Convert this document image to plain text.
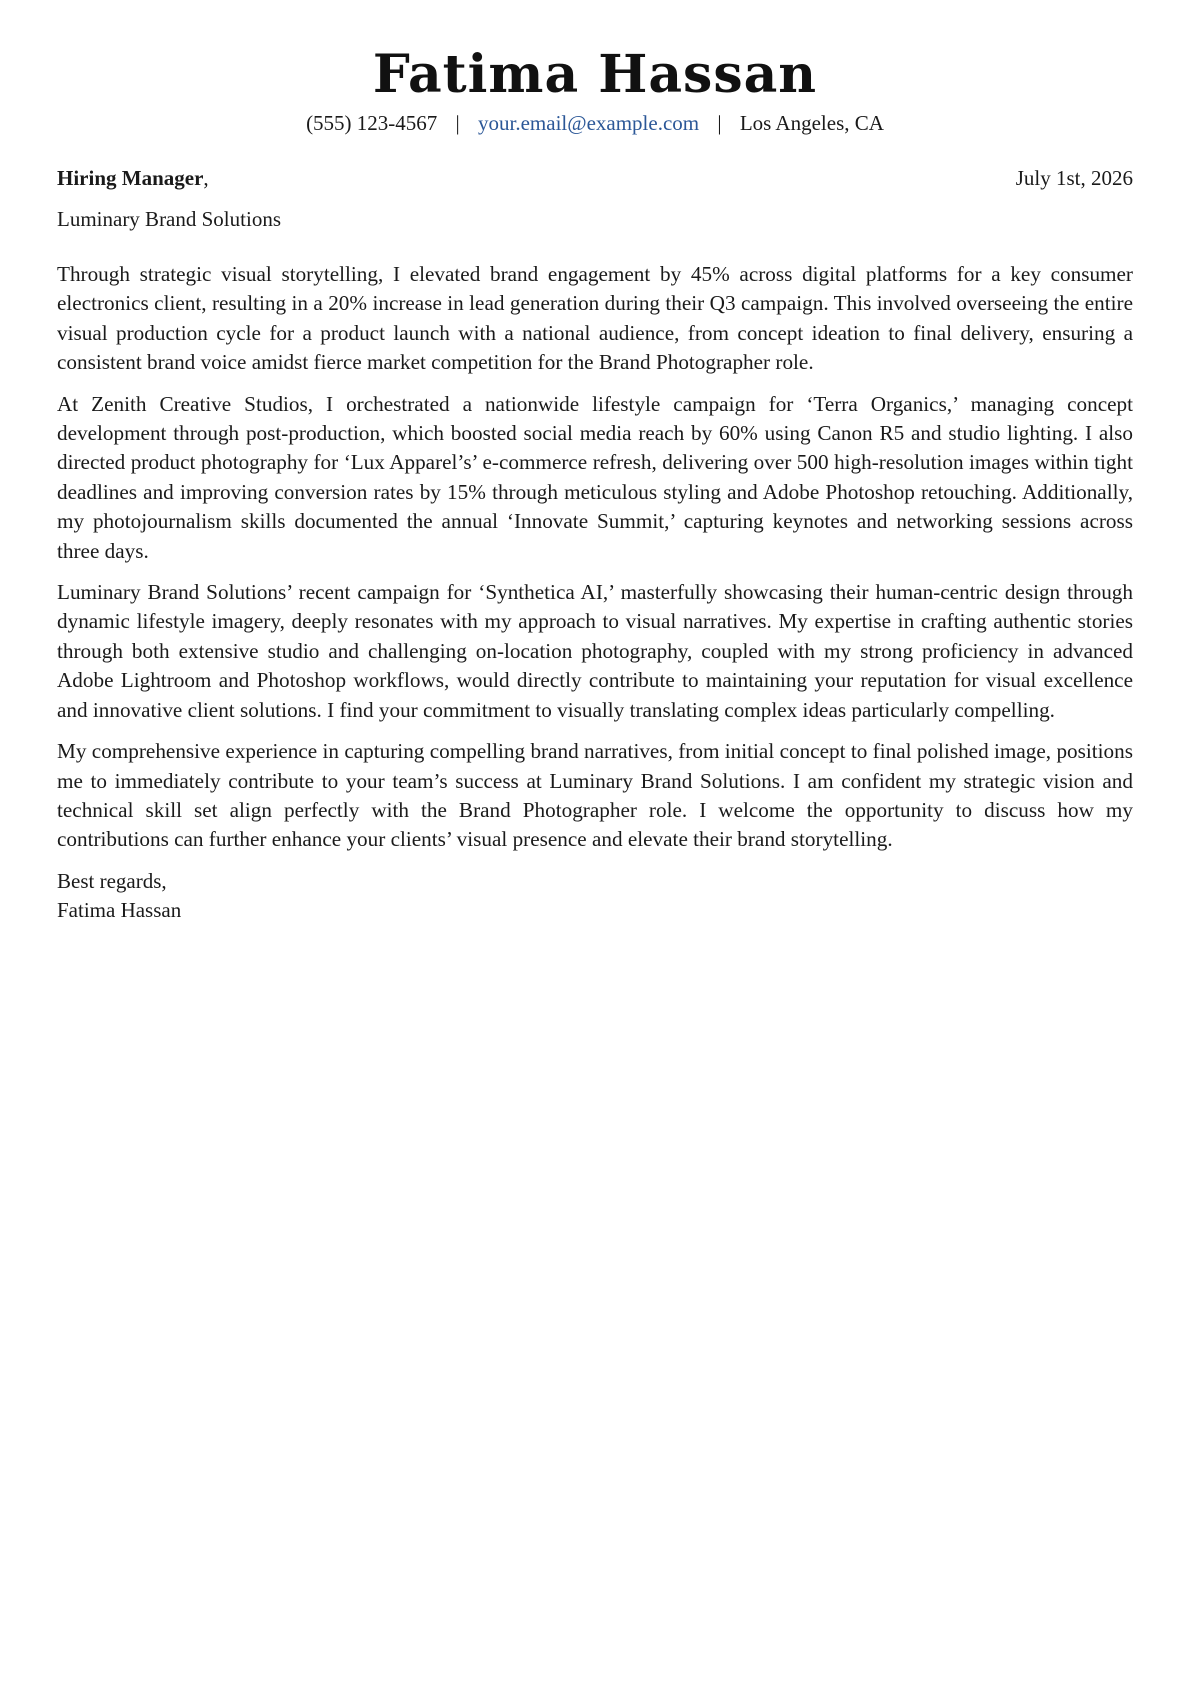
Fatima Hassan
(555) 123-4567 | your.email@example.com | Los Angeles, CA
Hiring Manager,	July 1st, 2026
Luminary Brand Solutions

Through strategic visual storytelling, I elevated brand engagement by 45% across digital platforms for a key consumer electronics client, resulting in a 20% increase in lead generation during their Q3 campaign. This involved overseeing the entire visual production cycle for a product launch with a national audience, from concept ideation to final delivery, ensuring a consistent brand voice amidst fierce market competition for the Brand Photographer role.

At Zenith Creative Studios, I orchestrated a nationwide lifestyle campaign for ‘Terra Organics,’ managing concept development through post-production, which boosted social media reach by 60% using Canon R5 and studio lighting. I also directed product photography for ‘Lux Apparel’s’ e-commerce refresh, delivering over 500 high-resolution images within tight deadlines and improving conversion rates by 15% through meticulous styling and Adobe Photoshop retouching. Additionally, my photojournalism skills documented the annual ‘Innovate Summit,’ capturing keynotes and networking sessions across three days.

Luminary Brand Solutions’ recent campaign for ‘Synthetica AI,’ masterfully showcasing their human-centric design through dynamic lifestyle imagery, deeply resonates with my approach to visual narratives. My expertise in crafting authentic stories through both extensive studio and challenging on-location photography, coupled with my strong proficiency in advanced Adobe Lightroom and Photoshop workflows, would directly contribute to maintaining your reputation for visual excellence and innovative client solutions. I find your commitment to visually translating complex ideas particularly compelling.

My comprehensive experience in capturing compelling brand narratives, from initial concept to final polished image, positions me to immediately contribute to your team’s success at Luminary Brand Solutions. I am confident my strategic vision and technical skill set align perfectly with the Brand Photographer role. I welcome the opportunity to discuss how my contributions can further enhance your clients’ visual presence and elevate their brand storytelling.

Best regards,
Fatima Hassan
